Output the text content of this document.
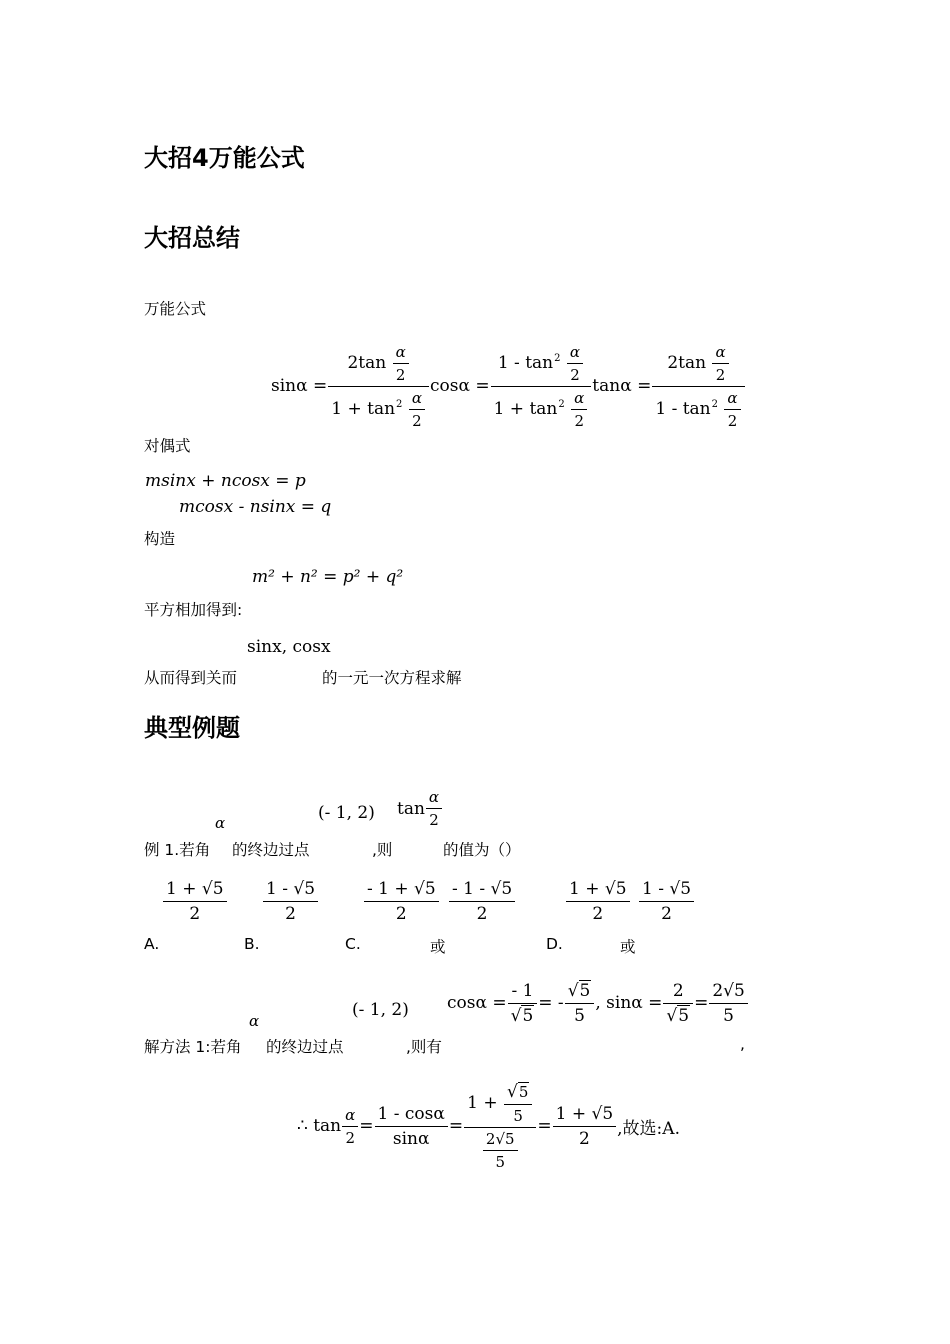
大招4万能公式
大招总结
万能公式
$\sin\alpha = \frac{2\tan \frac{\alpha}{2}}{1 + \tan^2 \frac{\alpha}{2}}$ $\cos\alpha = \frac{1 - \tan^2 \frac{\alpha}{2}}{1 + \tan^2 \frac{\alpha}{2}}$ $\tan\alpha = \frac{2\tan \frac{\alpha}{2}}{1 - \tan^2 \frac{\alpha}{2}}$
对偶式
msinx + ncosx = p
mcosx - nsinx = q
构造
m² + n² = p² + q²
平方相加得到:
sinx, cosx
从而得到关而	的一元一次方程求解
典型例题
α	(- 1, 2) $\tan \frac{\alpha}{2}$
例 1.若角 的终边过点	,则	的值为（）
$\frac{1 + √5}{2} \frac{1 - √5}{2}$	$\frac{- 1 + √5}{2} \frac{- 1 - √5}{2}$	$\frac{1 + √5}{2} \frac{1 - √5}{2}$
A.	B.	C.	或	D.	或
α
(- 1, 2) $\cos\alpha = \frac{- 1}{√5}$ = - $\frac{√5}{5}$ , $\sin\alpha = \frac{2}{√5} = \frac{2√5}{5}$
解方法 1:若角 的终边过点	,则有	,
∴ $\tan \frac{\alpha}{2} = \frac{1 - \cos\alpha}{\sin\alpha} = \frac{1 + \frac{√5}{5}}{\frac{2√5}{5}} = \frac{1 + √5}{2}$ ,故选:A.
